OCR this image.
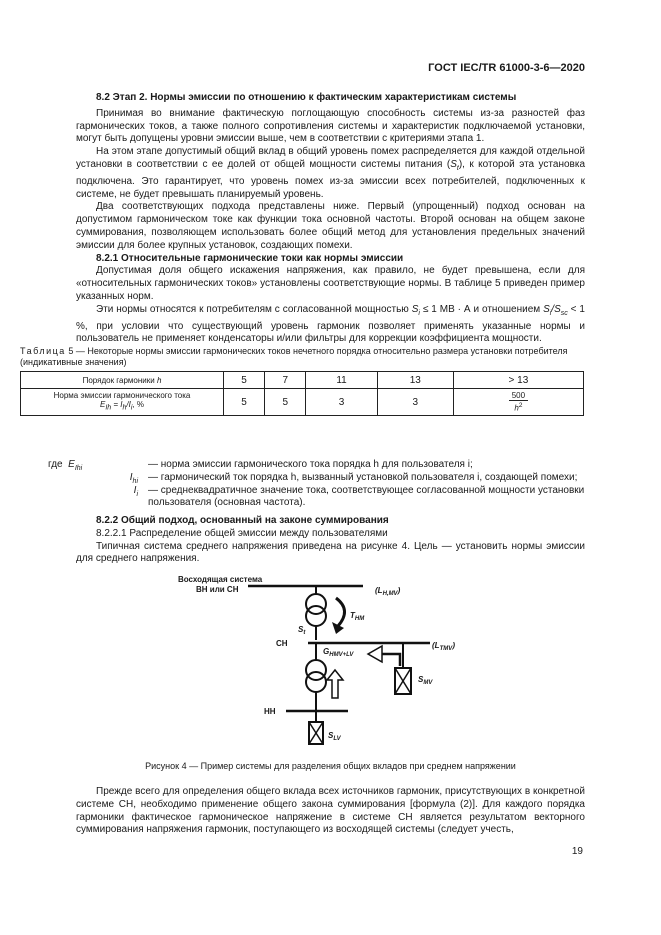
ГОСТ IEC/TR 61000-3-6—2020

8.2 Этап 2. Нормы эмиссии по отношению к фактическим характеристикам системы

Принимая во внимание фактическую поглощающую способность системы из-за разностей фаз гармонических токов, а также полного сопротивления системы и характеристик подключаемой установки, могут быть допущены уровни эмиссии выше, чем в соответствии с критериями этапа 1.

На этом этапе допустимый общий вклад в общий уровень помех распределяется для каждой отдельной установки в соответствии с ее долей от общей мощности системы питания $(S_t)$, к которой эта установка подключена. Это гарантирует, что уровень помех из-за эмиссии всех потребителей, подключенных к системе, не будет превышать планируемый уровень.

Два соответствующих подхода представлены ниже. Первый (упрощенный) подход основан на допустимом гармоническом токе как функции тока основной частоты. Второй основан на общем законе суммирования, позволяющем использовать более общий метод для установления предельных значений эмиссии для более крупных установок, создающих помехи.

8.2.1 Относительные гармонические токи как нормы эмиссии

Допустимая доля общего искажения напряжения, как правило, не будет превышена, если для «относительных гармонических токов» установлены соответствующие нормы. В таблице 5 приведен пример указанных норм.

Эти нормы относятся к потребителям с согласованной мощностью $S_i \le 1$ МВ · А и отношением $S_i/S_{sc} < 1$ %, при условии что существующий уровень гармоник позволяет применять указанные нормы и пользователь не применяет конденсаторы и/или фильтры для коррекции коэффициента мощности.

Таблица 5 — Некоторые нормы эмиссии гармонических токов нечетного порядка относительно размера установки потребителя (индикативные значения)

Порядок гармоники h	5	7	11	13	> 13
Норма эмиссии гармонического тока
$E_{Ih} = I_h/I_i$, %	5	5	3	3	$\frac{500}{h^2}$
где $E_{Ihi}$	— норма эмиссии гармонического тока порядка h для пользователя i;
$I_{hi}$ — гармонический ток порядка h, вызванный установкой пользователя i, создающей помехи;
$I_i$ — среднеквадратичное значение тока, соответствующее согласованной мощности установки пользователя (основная частота).

8.2.2 Общий подход, основанный на законе суммирования

8.2.2.1 Распределение общей эмиссии между пользователями

Типичная система среднего напряжения приведена на рисунке 4. Цель — установить нормы эмиссии для среднего напряжения.

Восходящая система
ВН или СН	$(L_{H,MV})$
$S_t$
$T_{HM}$
СН	$(L_{ТМV})$
$S_{МV}$
$G_{НМV+LV}$
НН
$S_{LV}$
Рисунок 4 — Пример системы для разделения общих вкладов при среднем напряжении

Прежде всего для определения общего вклада всех источников гармоник, присутствующих в конкретной системе СН, необходимо применение общего закона суммирования [формула (2)]. Для каждого порядка гармоники фактическое гармоническое напряжение в системе СН является результатом векторного суммирования напряжения гармоник, поступающего из восходящей системы (следует учесть,

19
